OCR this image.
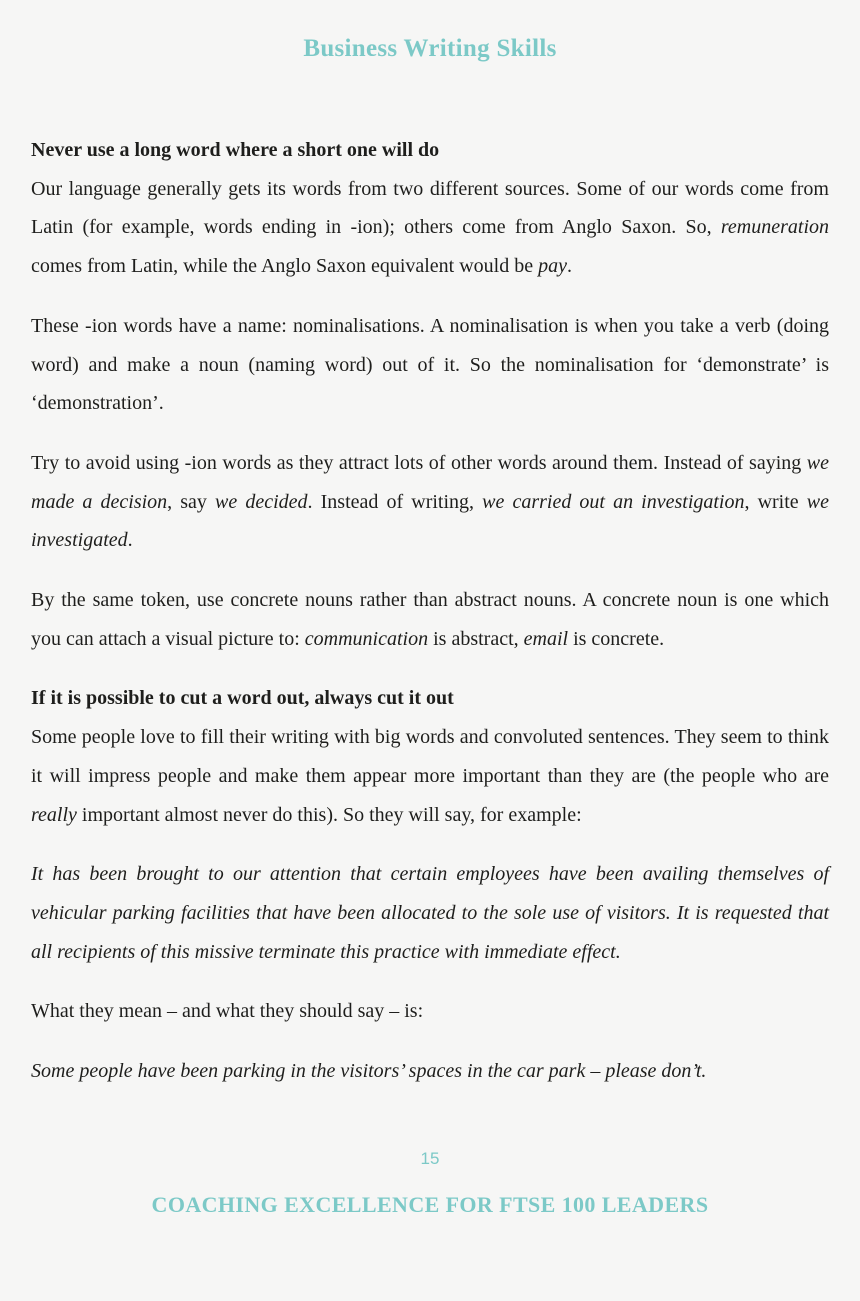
Business Writing Skills
Never use a long word where a short one will do

Our language generally gets its words from two different sources. Some of our words come from Latin (for example, words ending in -ion); others come from Anglo Saxon. So, remuneration comes from Latin, while the Anglo Saxon equivalent would be pay.

These -ion words have a name: nominalisations. A nominalisation is when you take a verb (doing word) and make a noun (naming word) out of it. So the nominalisation for ‘demonstrate’ is ‘demonstration’.

Try to avoid using -ion words as they attract lots of other words around them. Instead of saying we made a decision, say we decided. Instead of writing, we carried out an investigation, write we investigated.

By the same token, use concrete nouns rather than abstract nouns. A concrete noun is one which you can attach a visual picture to: communication is abstract, email is concrete.

If it is possible to cut a word out, always cut it out

Some people love to fill their writing with big words and convoluted sentences. They seem to think it will impress people and make them appear more important than they are (the people who are really important almost never do this). So they will say, for example:

It has been brought to our attention that certain employees have been availing themselves of vehicular parking facilities that have been allocated to the sole use of visitors. It is requested that all recipients of this missive terminate this practice with immediate effect.

What they mean – and what they should say – is:

Some people have been parking in the visitors’ spaces in the car park – please don’t.

15
COACHING EXCELLENCE FOR FTSE 100 LEADERS
